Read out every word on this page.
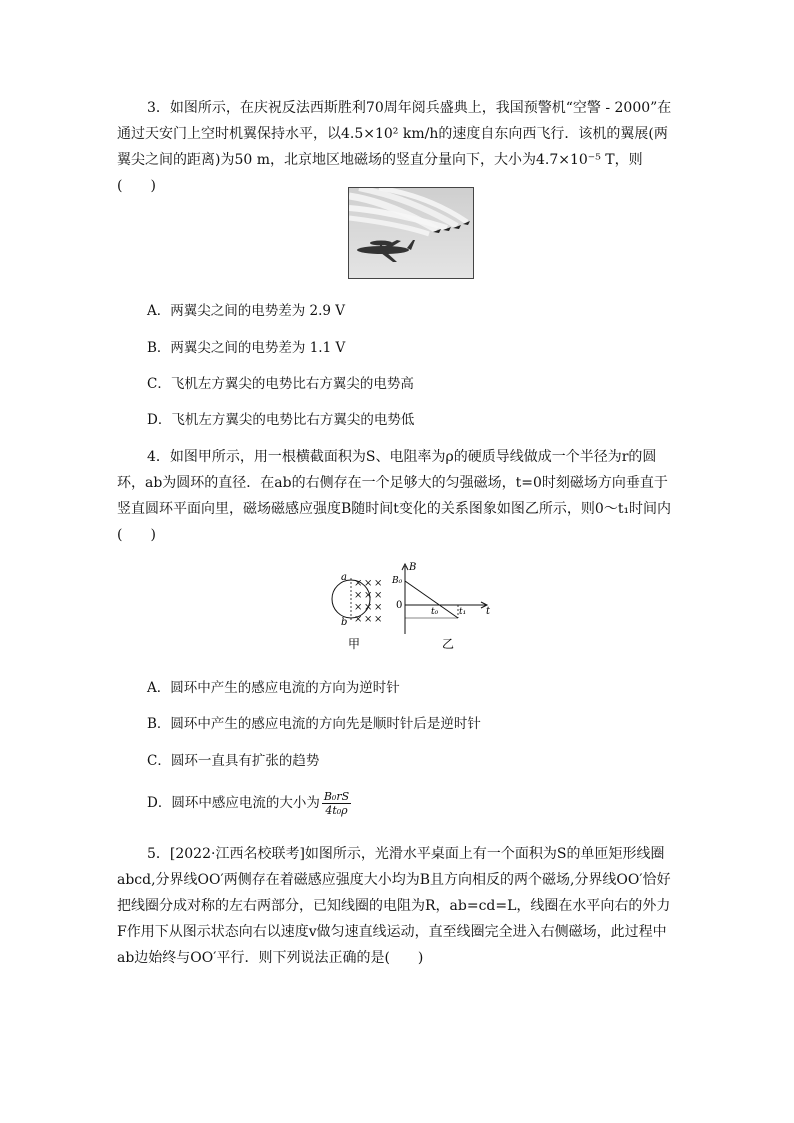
3．如图所示，在庆祝反法西斯胜利70周年阅兵盛典上，我国预警机“空警 - 2000”在通过天安门上空时机翼保持水平，以4.5×10² km/h的速度自东向西飞行．该机的翼展(两翼尖之间的距离)为50 m，北京地区地磁场的竖直分量向下，大小为4.7×10⁻⁵ T，则(　　)
A．两翼尖之间的电势差为 2.9 V
B．两翼尖之间的电势差为 1.1 V
C．飞机左方翼尖的电势比右方翼尖的电势高
D．飞机左方翼尖的电势比右方翼尖的电势低
4．如图甲所示，用一根横截面积为S、电阻率为ρ的硬质导线做成一个半径为r的圆环，ab为圆环的直径．在ab的右侧存在一个足够大的匀强磁场，t=0时刻磁场方向垂直于竖直圆环平面向里，磁场磁感应强度B随时间t变化的关系图象如图乙所示，则0～t₁时间内(　　)
a
b
× × ×
× × ×
× × ×
× × ×
甲
B
B₀
0
t₀ t₁ t
乙
A．圆环中产生的感应电流的方向为逆时针
B．圆环中产生的感应电流的方向先是顺时针后是逆时针
C．圆环一直具有扩张的趋势
D．圆环中感应电流的大小为 $\frac{\text{B₀rS}}{\text{4t₀ρ}}$
5．[2022·江西名校联考]如图所示，光滑水平桌面上有一个面积为S的单匝矩形线圈abcd,分界线OO′两侧存在着磁感应强度大小均为B且方向相反的两个磁场,分界线OO′恰好把线圈分成对称的左右两部分，已知线圈的电阻为R，ab=cd=L，线圈在水平向右的外力F作用下从图示状态向右以速度v做匀速直线运动，直至线圈完全进入右侧磁场，此过程中ab边始终与OO′平行．则下列说法正确的是(　　)
